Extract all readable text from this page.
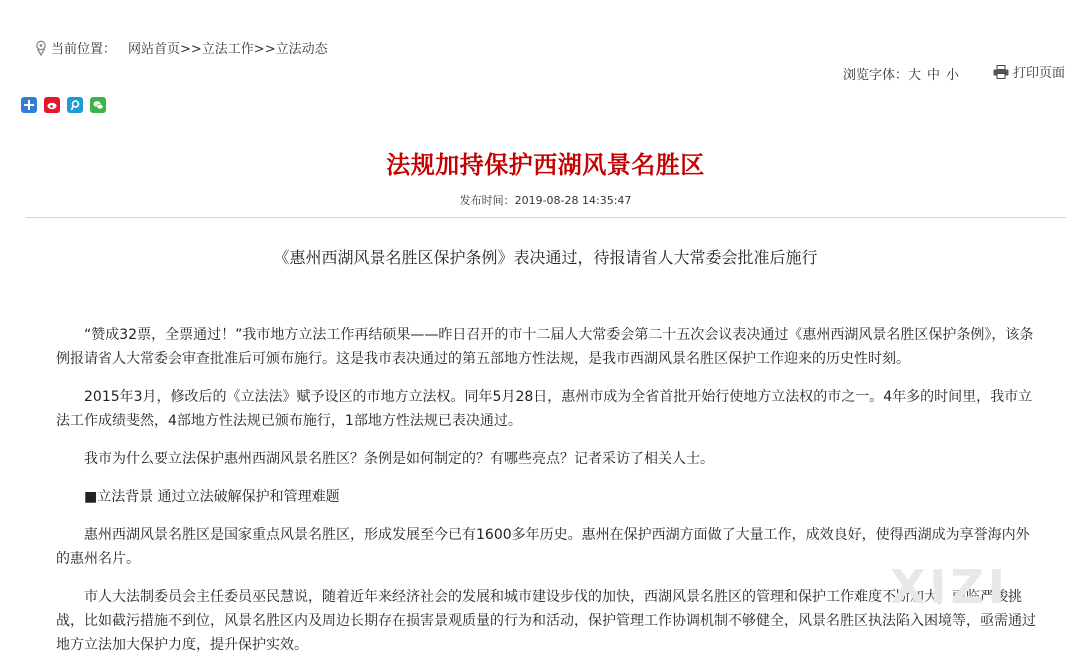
当前位置： 网站首页>>立法工作>>立法动态
浏览字体：大 中 小	打印页面
法规加持保护西湖风景名胜区
发布时间：2019-08-28 14:35:47
《惠州西湖风景名胜区保护条例》表决通过，待报请省人大常委会批准后施行

“赞成32票，全票通过！”我市地方立法工作再结硕果——昨日召开的市十二届人大常委会第二十五次会议表决通过《惠州西湖风景名胜区保护条例》，该条例报请省人大常委会审查批准后可颁布施行。这是我市表决通过的第五部地方性法规，是我市西湖风景名胜区保护工作迎来的历史性时刻。

2015年3月，修改后的《立法法》赋予设区的市地方立法权。同年5月28日，惠州市成为全省首批开始行使地方立法权的市之一。4年多的时间里，我市立法工作成绩斐然，4部地方性法规已颁布施行，1部地方性法规已表决通过。

我市为什么要立法保护惠州西湖风景名胜区？条例是如何制定的？有哪些亮点？记者采访了相关人士。

■立法背景 通过立法破解保护和管理难题

惠州西湖风景名胜区是国家重点风景名胜区，形成发展至今已有1600多年历史。惠州在保护西湖方面做了大量工作，成效良好，使得西湖成为享誉海内外的惠州名片。

市人大法制委员会主任委员巫民慧说，随着近年来经济社会的发展和城市建设步伐的加快，西湖风景名胜区的管理和保护工作难度不断加大，面临严峻挑战，比如截污措施不到位，风景名胜区内及周边长期存在损害景观质量的行为和活动，保护管理工作协调机制不够健全，风景名胜区执法陷入困境等，亟需通过地方立法加大保护力度，提升保护实效。

XIZI
